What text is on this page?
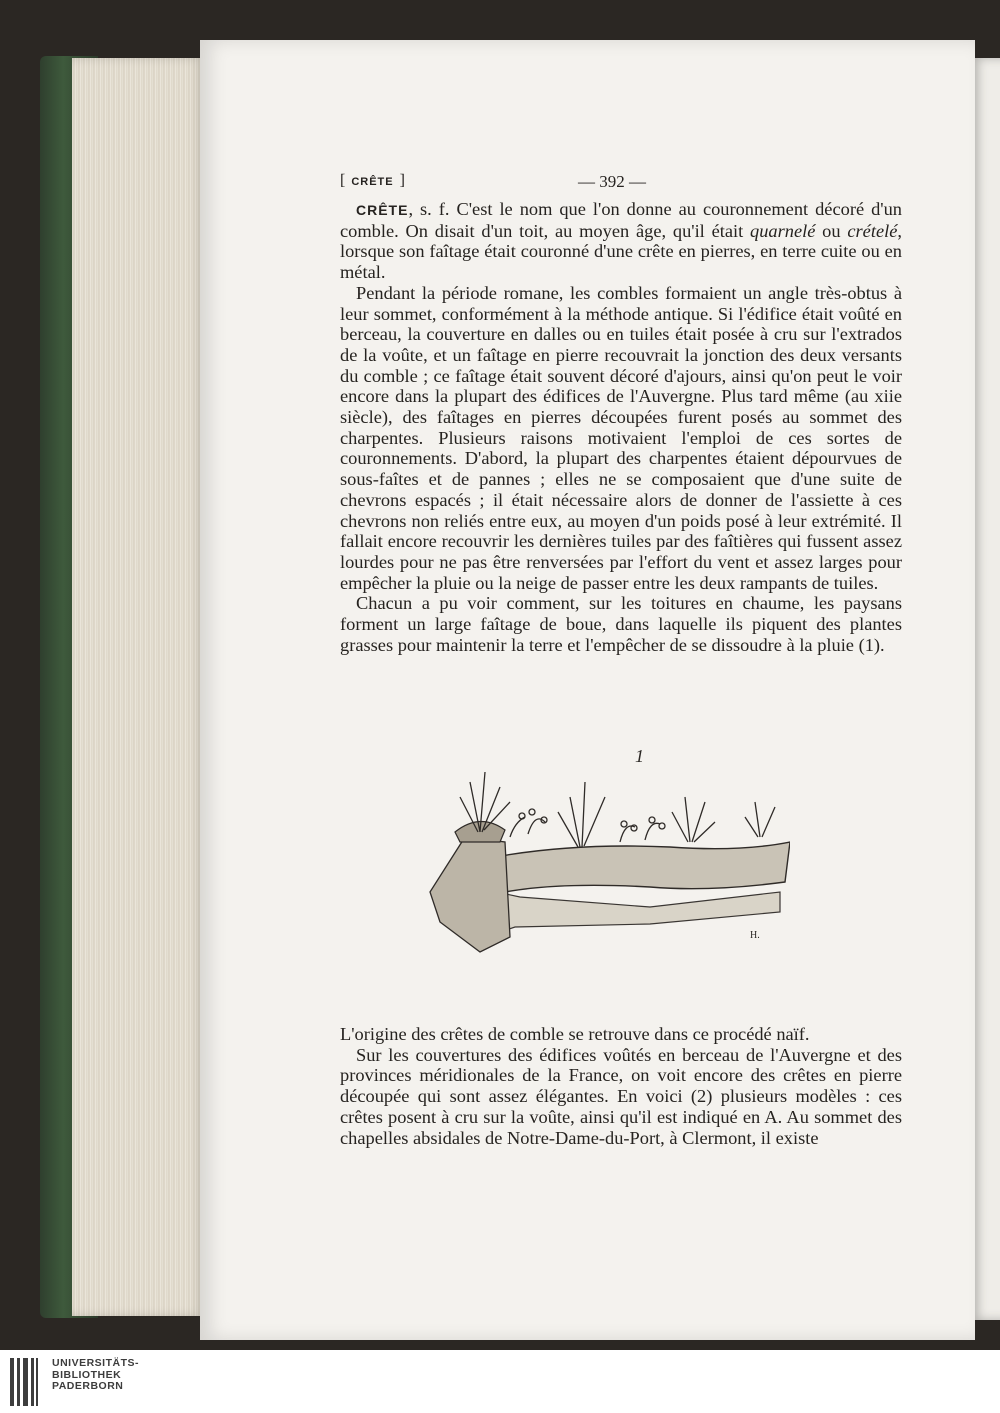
[ CRÊTE ]	— 392 —

CRÊTE, s. f. C'est le nom que l'on donne au couronnement décoré d'un comble. On disait d'un toit, au moyen âge, qu'il était quarnelé ou crételé, lorsque son faîtage était couronné d'une crête en pierres, en terre cuite ou en métal.

Pendant la période romane, les combles formaient un angle très-obtus à leur sommet, conformément à la méthode antique. Si l'édifice était voûté en berceau, la couverture en dalles ou en tuiles était posée à cru sur l'extrados de la voûte, et un faîtage en pierre recouvrait la jonction des deux versants du comble ; ce faîtage était souvent décoré d'ajours, ainsi qu'on peut le voir encore dans la plupart des édifices de l'Auvergne. Plus tard même (au xiie siècle), des faîtages en pierres découpées furent posés au sommet des charpentes. Plusieurs raisons motivaient l'emploi de ces sortes de couronnements. D'abord, la plupart des charpentes étaient dépourvues de sous-faîtes et de pannes ; elles ne se composaient que d'une suite de chevrons espacés ; il était nécessaire alors de donner de l'assiette à ces chevrons non reliés entre eux, au moyen d'un poids posé à leur extrémité. Il fallait encore recouvrir les dernières tuiles par des faîtières qui fussent assez lourdes pour ne pas être renversées par l'effort du vent et assez larges pour empêcher la pluie ou la neige de passer entre les deux rampants de tuiles.

Chacun a pu voir comment, sur les toitures en chaume, les paysans forment un large faîtage de boue, dans laquelle ils piquent des plantes grasses pour maintenir la terre et l'empêcher de se dissoudre à la pluie (1).

1
H.

L'origine des crêtes de comble se retrouve dans ce procédé naïf.

Sur les couvertures des édifices voûtés en berceau de l'Auvergne et des provinces méridionales de la France, on voit encore des crêtes en pierre découpée qui sont assez élégantes. En voici (2) plusieurs modèles : ces crêtes posent à cru sur la voûte, ainsi qu'il est indiqué en A. Au sommet des chapelles absidales de Notre-Dame-du-Port, à Clermont, il existe

UNIVERSITÄTS-
BIBLIOTHEK
PADERBORN
